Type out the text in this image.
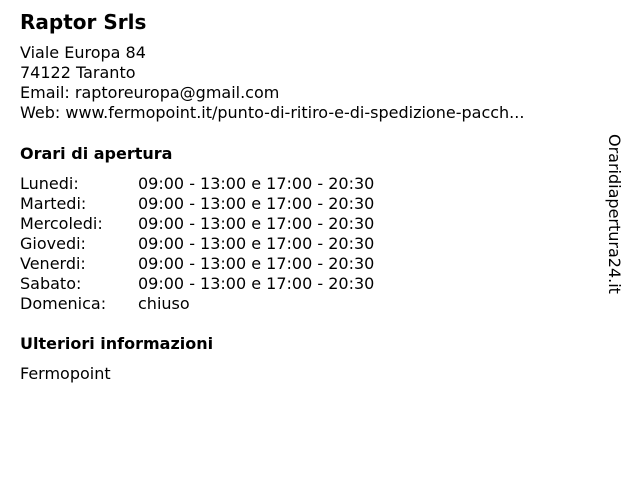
Raptor Srls
Viale Europa 84
74122 Taranto
Email: raptoreuropa@gmail.com
Web: www.fermopoint.it/punto-di-ritiro-e-di-spedizione-pacch...
Orari di apertura
Lunedi:	09:00 - 13:00 e 17:00 - 20:30
Martedi:	09:00 - 13:00 e 17:00 - 20:30
Mercoledi:	09:00 - 13:00 e 17:00 - 20:30
Giovedi:	09:00 - 13:00 e 17:00 - 20:30
Venerdi:	09:00 - 13:00 e 17:00 - 20:30
Sabato:	09:00 - 13:00 e 17:00 - 20:30
Domenica:	chiuso
Ulteriori informazioni
Fermopoint
Oraridiapertura24.it
